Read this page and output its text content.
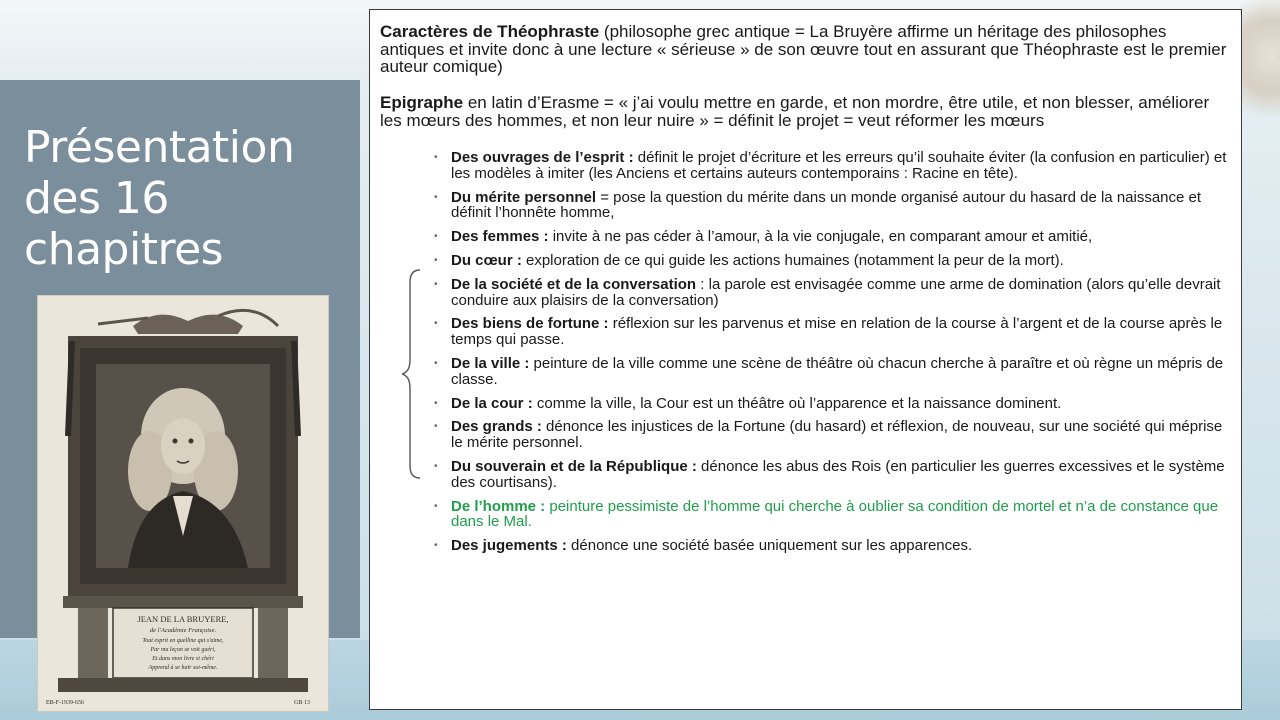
Présentation des 16 chapitres
JEAN DE LA BRUYERE,
de l'Académie Françoise.
Tout esprit en quelline qui s'aime,
Par ma leçon se voit guéri,
Et dans mon livre si chéri
Apprend à se haïr soi-même.
EB-F-1939-656	GB 13

Caractères de Théophraste (philosophe grec antique = La Bruyère affirme un héritage des philosophes antiques et invite donc à une lecture « sérieuse » de son œuvre tout en assurant que Théophraste est le premier auteur comique)

Epigraphe en latin d’Erasme = « j’ai voulu mettre en garde, et non mordre, être utile, et non blesser, améliorer les mœurs des hommes, et non leur nuire » = définit le projet = veut réformer les mœurs

• Des ouvrages de l’esprit : définit le projet d’écriture et les erreurs qu’il souhaite éviter (la confusion en particulier) et les modèles à imiter (les Anciens et certains auteurs contemporains : Racine en tête).
• Du mérite personnel = pose la question du mérite dans un monde organisé autour du hasard de la naissance et définit l’honnête homme,
• Des femmes : invite à ne pas céder à l’amour, à la vie conjugale, en comparant amour et amitié,
• Du cœur : exploration de ce qui guide les actions humaines (notamment la peur de la mort).
• De la société et de la conversation : la parole est envisagée comme une arme de domination (alors qu’elle devrait conduire aux plaisirs de la conversation)
• Des biens de fortune : réflexion sur les parvenus et mise en relation de la course à l’argent et de la course après le temps qui passe.
• De la ville : peinture de la ville comme une scène de théâtre où chacun cherche à paraître et où règne un mépris de classe.
• De la cour : comme la ville, la Cour est un théâtre où l’apparence et la naissance dominent.
• Des grands : dénonce les injustices de la Fortune (du hasard) et réflexion, de nouveau, sur une société qui méprise le mérite personnel.
• Du souverain et de la République : dénonce les abus des Rois (en particulier les guerres excessives et le système des courtisans).
• De l’homme : peinture pessimiste de l’homme qui cherche à oublier sa condition de mortel et n’a de constance que dans le Mal.
• Des jugements : dénonce une société basée uniquement sur les apparences.
